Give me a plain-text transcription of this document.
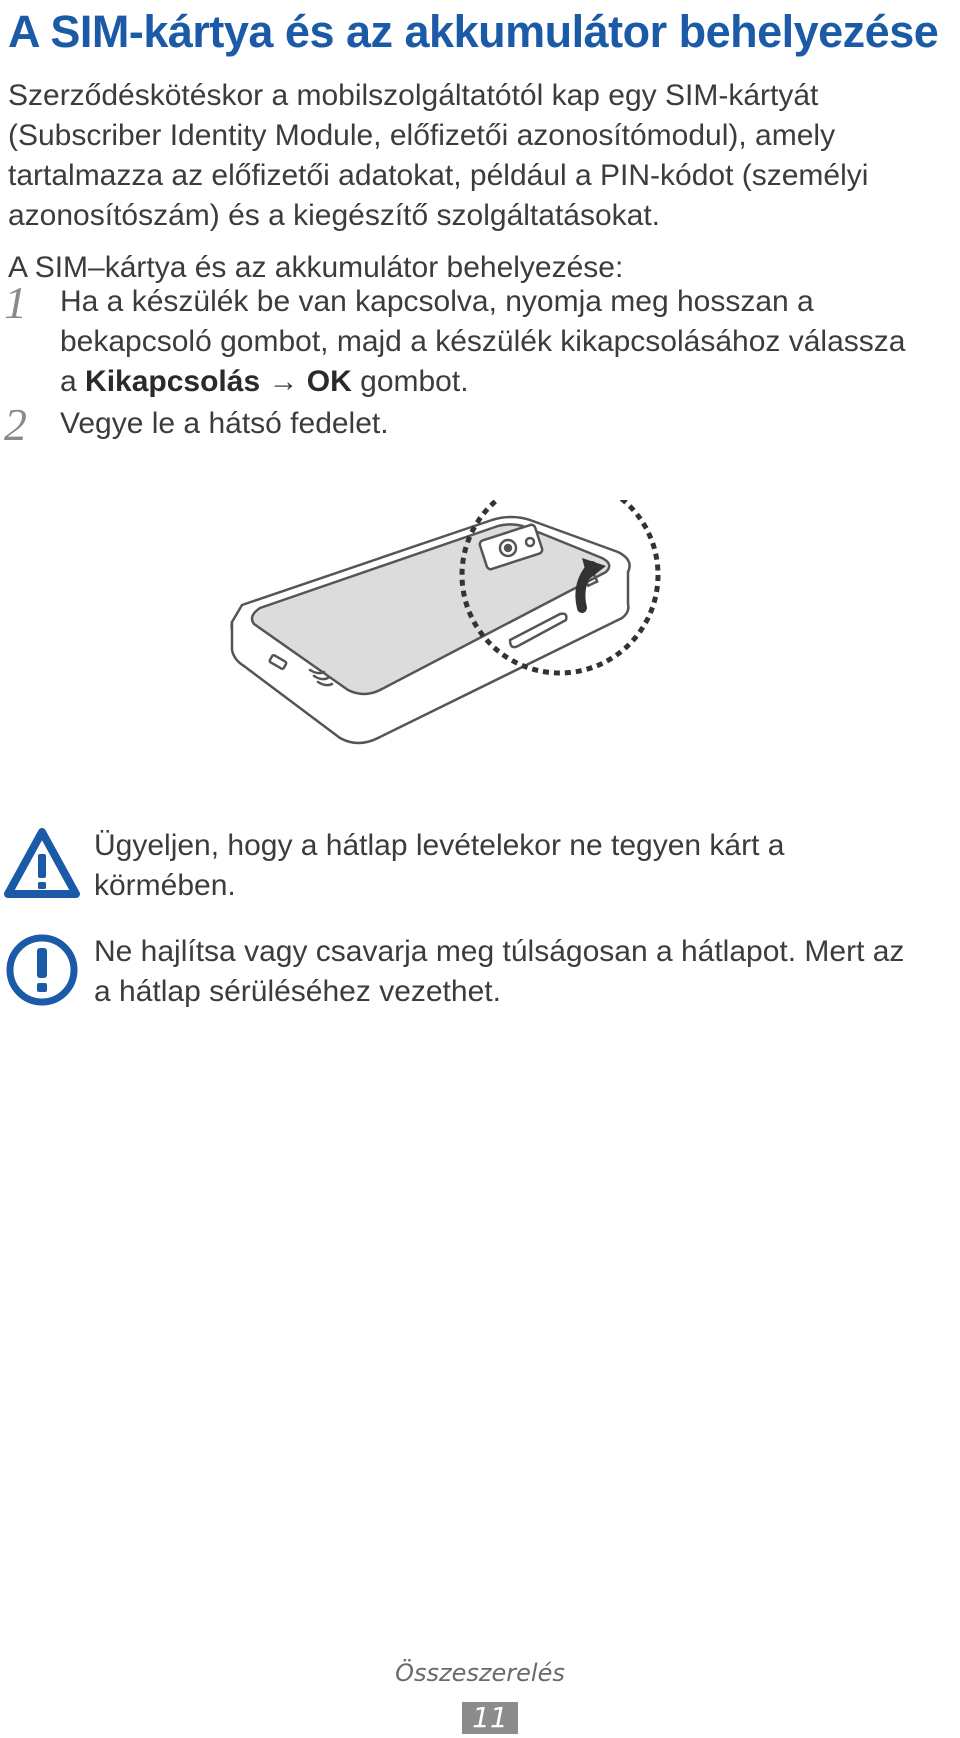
A SIM-kártya és az akkumulátor behelyezése

Szerződéskötéskor a mobilszolgáltatótól kap egy SIM-kártyát
(Subscriber Identity Module, előfizetői azonosítómodul), amely
tartalmazza az előfizetői adatokat, például a PIN-kódot (személyi
azonosítószám) és a kiegészítő szolgáltatásokat.

A SIM–kártya és az akkumulátor behelyezése:
1 Ha a készülék be van kapcsolva, nyomja meg hosszan a
bekapcsoló gombot, majd a készülék kikapcsolásához válassza
a Kikapcsolás → OK gombot.
2 Vegye le a hátsó fedelet.
Ügyeljen, hogy a hátlap levételekor ne tegyen kárt a
körmében.
Ne hajlítsa vagy csavarja meg túlságosan a hátlapot. Mert az
a hátlap sérüléséhez vezethet.
Összeszerelés
11
